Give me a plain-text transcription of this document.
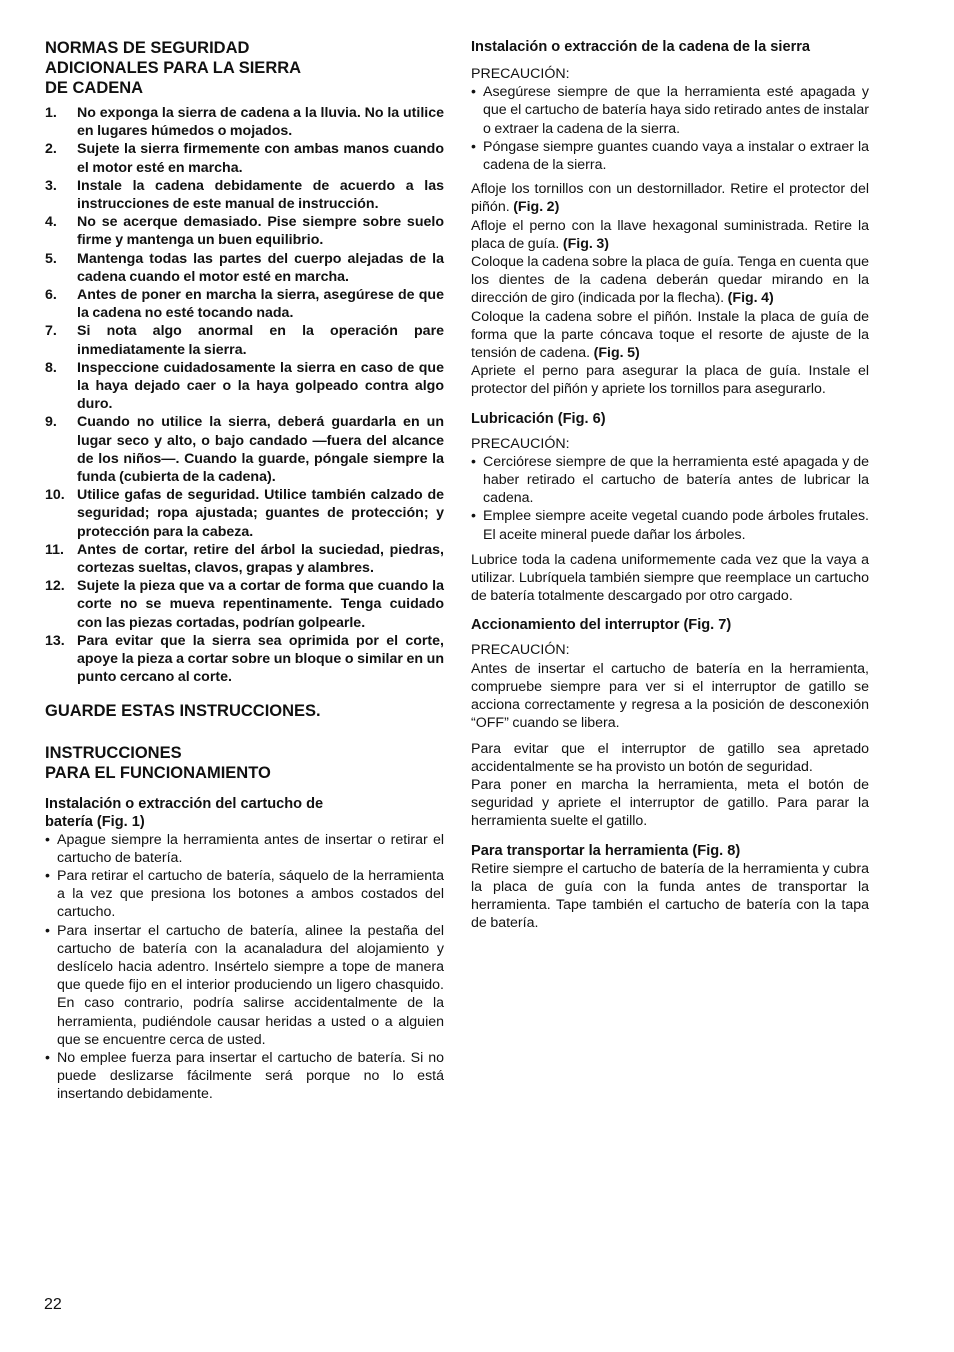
NORMAS DE SEGURIDAD
ADICIONALES PARA LA SIERRA
DE CADENA
1. No exponga la sierra de cadena a la lluvia. No la utilice en lugares húmedos o mojados.
2. Sujete la sierra firmemente con ambas manos cuando el motor esté en marcha.
3. Instale la cadena debidamente de acuerdo a las instrucciones de este manual de instrucción.
4. No se acerque demasiado. Pise siempre sobre suelo firme y mantenga un buen equilibrio.
5. Mantenga todas las partes del cuerpo alejadas de la cadena cuando el motor esté en marcha.
6. Antes de poner en marcha la sierra, asegúrese de que la cadena no esté tocando nada.
7. Si nota algo anormal en la operación pare inmediatamente la sierra.
8. Inspeccione cuidadosamente la sierra en caso de que la haya dejado caer o la haya golpeado contra algo duro.
9. Cuando no utilice la sierra, deberá guardarla en un lugar seco y alto, o bajo candado —fuera del alcance de los niños—. Cuando la guarde, póngale siempre la funda (cubierta de la cadena).
10. Utilice gafas de seguridad. Utilice también calzado de seguridad; ropa ajustada; guantes de protección; y protección para la cabeza.
11. Antes de cortar, retire del árbol la suciedad, piedras, cortezas sueltas, clavos, grapas y alambres.
12. Sujete la pieza que va a cortar de forma que cuando la corte no se mueva repentinamente. Tenga cuidado con las piezas cortadas, podrían golpearle.
13. Para evitar que la sierra sea oprimida por el corte, apoye la pieza a cortar sobre un bloque o similar en un punto cercano al corte.
GUARDE ESTAS INSTRUCCIONES.
INSTRUCCIONES
PARA EL FUNCIONAMIENTO
Instalación o extracción del cartucho de
batería (Fig. 1)
• Apague siempre la herramienta antes de insertar o retirar el cartucho de batería.
• Para retirar el cartucho de batería, sáquelo de la herramienta a la vez que presiona los botones a ambos costados del cartucho.
• Para insertar el cartucho de batería, alinee la pestaña del cartucho de batería con la acanaladura del alojamiento y deslícelo hacia adentro. Insértelo siempre a tope de manera que quede fijo en el interior produciendo un ligero chasquido. En caso contrario, podría salirse accidentalmente de la herramienta, pudiéndole causar heridas a usted o a alguien que se encuentre cerca de usted.
• No emplee fuerza para insertar el cartucho de batería. Si no puede deslizarse fácilmente será porque no lo está insertando debidamente.
Instalación o extracción de la cadena de la sierra

PRECAUCIÓN:

• Asegúrese siempre de que la herramienta esté apagada y que el cartucho de batería haya sido retirado antes de instalar o extraer la cadena de la sierra.
• Póngase siempre guantes cuando vaya a instalar o extraer la cadena de la sierra.

Afloje los tornillos con un destornillador. Retire el protector del piñón. (Fig. 2)

Afloje el perno con la llave hexagonal suministrada. Retire la placa de guía. (Fig. 3)

Coloque la cadena sobre la placa de guía. Tenga en cuenta que los dientes de la cadena deberán quedar mirando en la dirección de giro (indicada por la flecha). (Fig. 4)

Coloque la cadena sobre el piñón. Instale la placa de guía de forma que la parte cóncava toque el resorte de ajuste de la tensión de cadena. (Fig. 5)

Apriete el perno para asegurar la placa de guía. Instale el protector del piñón y apriete los tornillos para asegurarlo.

Lubricación (Fig. 6)

PRECAUCIÓN:

• Cerciórese siempre de que la herramienta esté apagada y de haber retirado el cartucho de batería antes de lubricar la cadena.
• Emplee siempre aceite vegetal cuando pode árboles frutales. El aceite mineral puede dañar los árboles.

Lubrice toda la cadena uniformemente cada vez que la vaya a utilizar. Lubríquela también siempre que reemplace un cartucho de batería totalmente descargado por otro cargado.

Accionamiento del interruptor (Fig. 7)

PRECAUCIÓN:

Antes de insertar el cartucho de batería en la herramienta, compruebe siempre para ver si el interruptor de gatillo se acciona correctamente y regresa a la posición de desconexión “OFF” cuando se libera.

Para evitar que el interruptor de gatillo sea apretado accidentalmente se ha provisto un botón de seguridad.

Para poner en marcha la herramienta, meta el botón de seguridad y apriete el interruptor de gatillo. Para parar la herramienta suelte el gatillo.

Para transportar la herramienta (Fig. 8)

Retire siempre el cartucho de batería de la herramienta y cubra la placa de guía con la funda antes de transportar la herramienta. Tape también el cartucho de batería con la tapa de batería.

22
